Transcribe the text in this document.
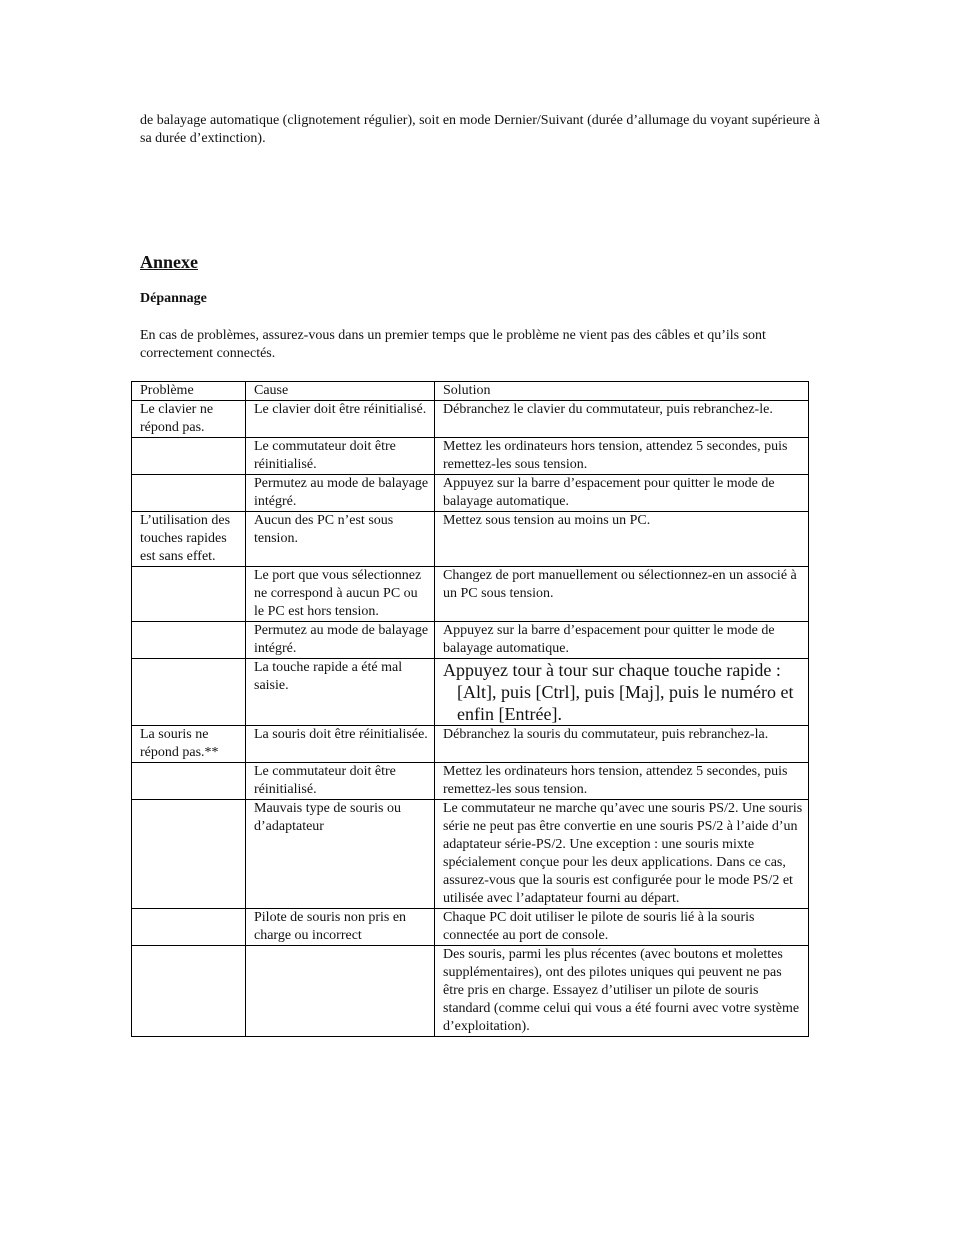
de balayage automatique (clignotement régulier), soit en mode Dernier/Suivant (durée d’allumage du voyant supérieure à sa durée d’extinction).

Annexe
Dépannage

En cas de problèmes, assurez-vous dans un premier temps que le problème ne vient pas des câbles et qu’ils sont correctement connectés.

Problème	Cause	Solution
Le clavier ne répond pas.	Le clavier doit être réinitialisé.	Débranchez le clavier du commutateur, puis rebranchez-le.
	Le commutateur doit être réinitialisé.	Mettez les ordinateurs hors tension, attendez 5 secondes, puis remettez-les sous tension.
	Permutez au mode de balayage intégré.	Appuyez sur la barre d’espacement pour quitter le mode de balayage automatique.
L’utilisation des touches rapides est sans effet.	Aucun des PC n’est sous tension.	Mettez sous tension au moins un PC.
	Le port que vous sélectionnez ne correspond à aucun PC ou le PC est hors tension.	Changez de port manuellement ou sélectionnez-en un associé à un PC sous tension.
	Permutez au mode de balayage intégré.	Appuyez sur la barre d’espacement pour quitter le mode de balayage automatique.
	La touche rapide a été mal saisie.	Appuyez tour à tour sur chaque touche rapide : [Alt], puis [Ctrl], puis [Maj], puis le numéro et enfin [Entrée].

La souris ne répond pas.**	La souris doit être réinitialisée.	Débranchez la souris du commutateur, puis rebranchez-la.
	Le commutateur doit être réinitialisé.	Mettez les ordinateurs hors tension, attendez 5 secondes, puis remettez-les sous tension.
	Mauvais type de souris ou d’adaptateur	Le commutateur ne marche qu’avec une souris PS/2. Une souris série ne peut pas être convertie en une souris PS/2 à l’aide d’un adaptateur série-PS/2. Une exception : une souris mixte spécialement conçue pour les deux applications. Dans ce cas, assurez-vous que la souris est configurée pour le mode PS/2 et utilisée avec l’adaptateur fourni au départ.
	Pilote de souris non pris en charge ou incorrect	Chaque PC doit utiliser le pilote de souris lié à la souris connectée au port de console.
		Des souris, parmi les plus récentes (avec boutons et molettes supplémentaires), ont des pilotes uniques qui peuvent ne pas être pris en charge. Essayez d’utiliser un pilote de souris standard (comme celui qui vous a été fourni avec votre système d’exploitation).
